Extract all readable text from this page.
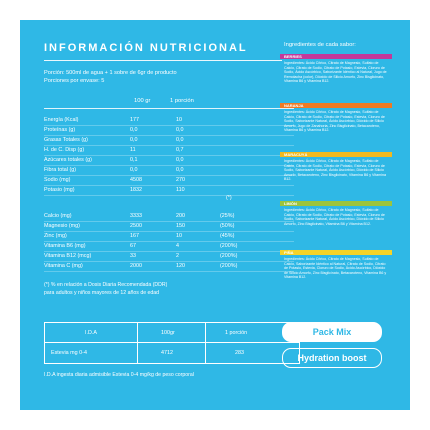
INFORMACIÓN NUTRICIONAL
Porción: 500ml de agua + 1 sobre de 6gr de producto
Porciones por envase: 5
100 gr	1 porción
Energía (Kcal)	177	10
Proteínas (g)	0,0	0,0
Grasas Totales (g)	0,0	0,0
H. de C. Disp (g)	11	0,7
Azúcares totales (g)	0,1	0,0
Fibra total (g)	0,0	0,0
Sodio (mg)	4508	270
Potasio (mg)	1832	110
(*)
Calcio (mg)	3333	200	(25%)
Magnesio (mg)	2500	150	(50%)
Zinc (mg)	167	10	(45%)
Vitamina B6 (mg)	67	4	(200%)
Vitamina B12 (mcg)	33	2	(200%)
Vitamina C (mg)	2000	120	(200%)
(*) % en relación a Dosis Diaria Recomendada (DDR)
para adultos y niños mayores de 12 años de edad
I.D.A	100gr	1 porción
Estevia mg 0-4	4712	283
I.D.A ingesta diaria admisible Estevia 0-4 mg/kg de peso corporal
Ingredientes de cada sabor:
BERRIES
Ingredientes: Ácido Cítrico, Citrato de Magnesio, Sulfato de Calcio, Citrato de Sodio, Citrato de Potasio, Estevia, Cloruro de Sodio, Ácido Ascórbico, Saborizante Idéntico al Natural, Jugo de Remolacha (color), Dióxido de Silicio Amorfo, Zinc Bisglicinato, Vitamina B6 y Vitamina B12.
NARANJA
Ingredientes: Ácido Cítrico, Citrato de Magnesio, Sulfato de Calcio, Citrato de Sodio, Citrato de Potasio, Estevia, Cloruro de Sodio, Saborizante Natural, Ácido Ascórbico, Dióxido de Silicio Amorfo, Jugo de Zanahoria, Zinc Bisglicinato, Betacaroteno, Vitamina B6 y Vitamina B12.
MARACUYÁ
Ingredientes: Ácido Cítrico, Citrato de Magnesio, Sulfato de Calcio, Citrato de Sodio, Citrato de Potasio, Estevia, Cloruro de Sodio, Saborizante Natural, Ácido Ascórbico, Dióxido de Silicio Amorfo, Betacaroteno, Zinc Bisglicinato, Vitamina B6 y Vitamina B12.
LIMÓN
Ingredientes: Ácido Cítrico, Citrato de Magnesio, Sulfato de Calcio, Citrato de Sodio, Citrato de Potasio, Estevia, Cloruro de Sodio, Saborizante Natural, Ácido Ascórbico, Dióxido de Silicio Amorfo, Zinc Bisglicinato, Vitamina B6 y Vitamina B12.
PIÑA
Ingredientes: Ácido Cítrico, Citrato de Magnesio, Sulfato de Calcio, Saborizante Idéntico al Natural, Citrato de Sodio, Citrato de Potasio, Estevia, Cloruro de Sodio, Ácido Ascórbico, Dióxido de Silicio Amorfo, Zinc Bisglicinato, Betacaroteno, Vitamina B6 y Vitamina B12.
Pack Mix
Hydration boost
